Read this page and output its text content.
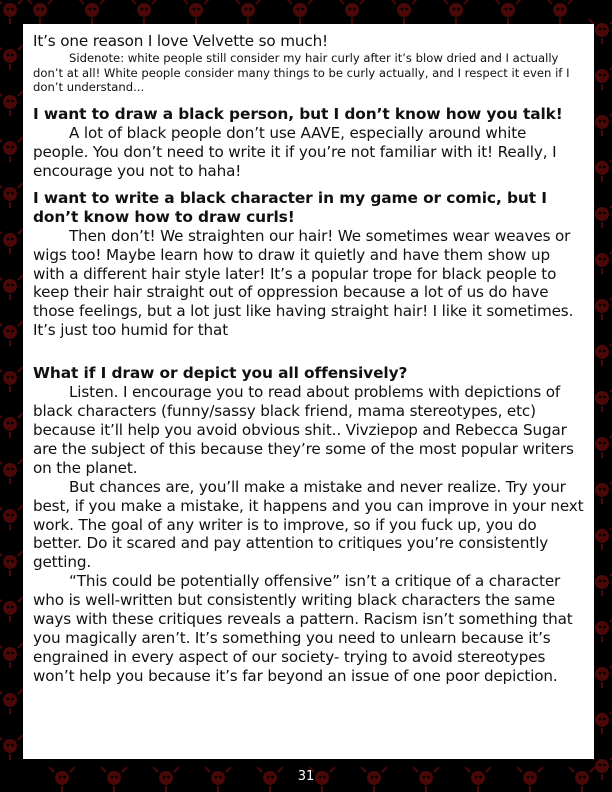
It’s one reason I love Velvette so much!

Sidenote: white people still consider my hair curly after it’s blow dried and I actually don’t at all! White people consider many things to be curly actually, and I respect it even if I don’t understand...

I want to draw a black person, but I don’t know how you talk!

A lot of black people don’t use AAVE, especially around white people. You don’t need to write it if you’re not familiar with it! Really, I encourage you not to haha!

I want to write a black character in my game or comic, but I don’t know how to draw curls!

Then don’t! We straighten our hair! We sometimes wear weaves or wigs too! Maybe learn how to draw it quietly and have them show up with a different hair style later! It’s a popular trope for black people to keep their hair straight out of oppression because a lot of us do have those feelings, but a lot just like having straight hair! I like it sometimes. It’s just too humid for that

What if I draw or depict you all offensively?

Listen. I encourage you to read about problems with depictions of black characters (funny/sassy black friend, mama stereotypes, etc) because it’ll help you avoid obvious shit.. Vivziepop and Rebecca Sugar are the subject of this because they’re some of the most popular writers on the planet.

But chances are, you’ll make a mistake and never realize. Try your best, if you make a mistake, it happens and you can improve in your next work. The goal of any writer is to improve, so if you fuck up, you do better. Do it scared and pay attention to critiques you’re consistently getting.

“This could be potentially offensive” isn’t a critique of a character who is well-written but consistently writing black characters the same ways with these critiques reveals a pattern. Racism isn’t something that you magically aren’t. It’s something you need to unlearn because it’s engrained in every aspect of our society- trying to avoid stereotypes won’t help you because it’s far beyond an issue of one poor depiction.

31
